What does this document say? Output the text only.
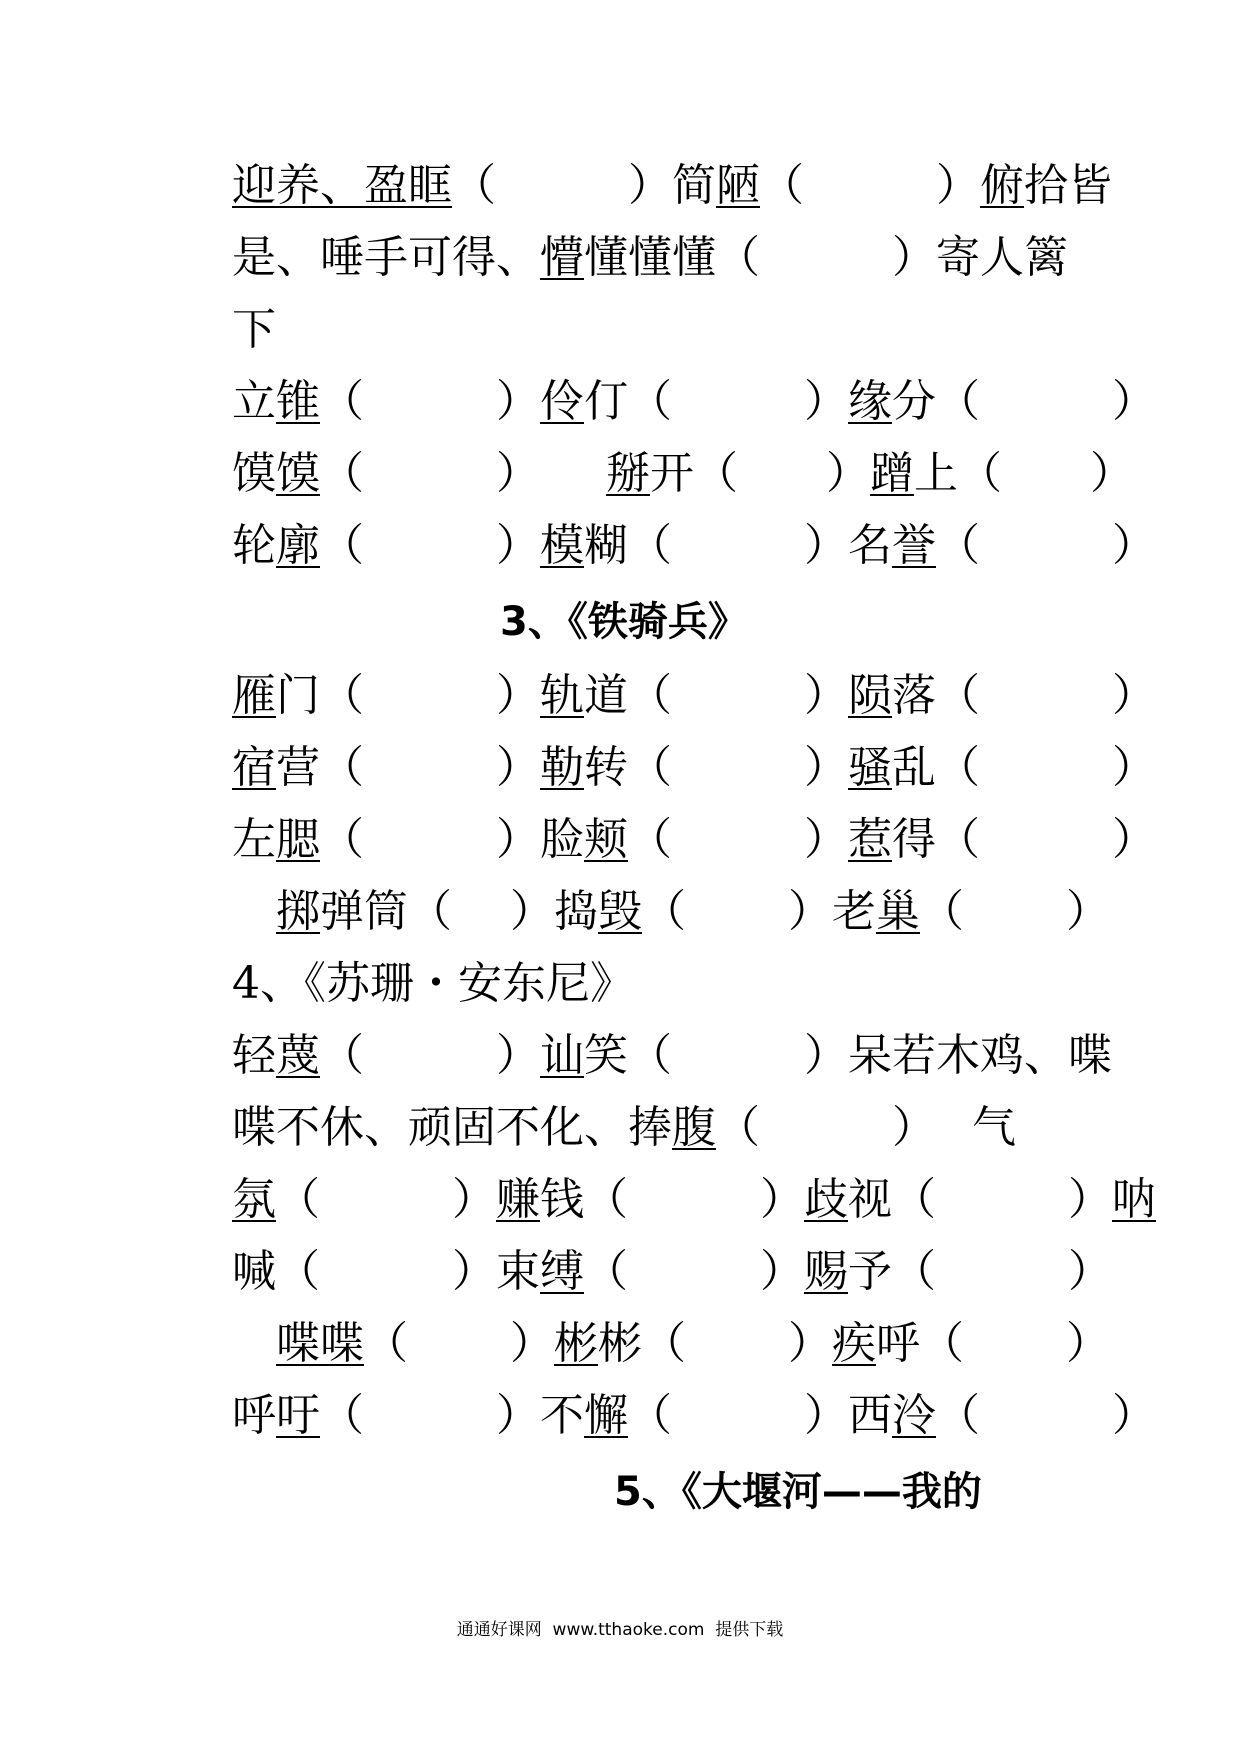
迎养、盈眶（　　　）简陋（　　　）俯拾皆
是、唾手可得、懵懂懂懂（　　　）寄人篱
下
立锥（　　　）伶仃（　　　）缘分（　　　）
馍馍（　　　）　　掰开（　　）蹭上（　　）
轮廓（　　　）模糊（　　　）名誉（　　　）
3、《铁骑兵》
雁门（　　　）轨道（　　　）陨落（　　　）
宿营（　　　）勒转（　　　）骚乱（　　　）
左腮（　　　）脸颊（　　　）惹得（　　　）
掷弹筒（　 ）捣毁（　　 ）老巢（　　 ）
4、《苏珊・安东尼》
轻蔑（　　　）讪笑（　　　）呆若木鸡、喋
喋不休、顽固不化、捧腹（　　　）　 气
氛（　　　）赚钱（　　　）歧视（　　　）呐
喊（　　　）束缚（　　　）赐予（　　　）
喋喋（　　 ）彬彬（　　 ）疾呼（　　 ）
呼吁（　　　）不懈（　　　）西泠（　　　）
5、《大堰河——我的
通通好课网  www.tthaoke.com  提供下载
